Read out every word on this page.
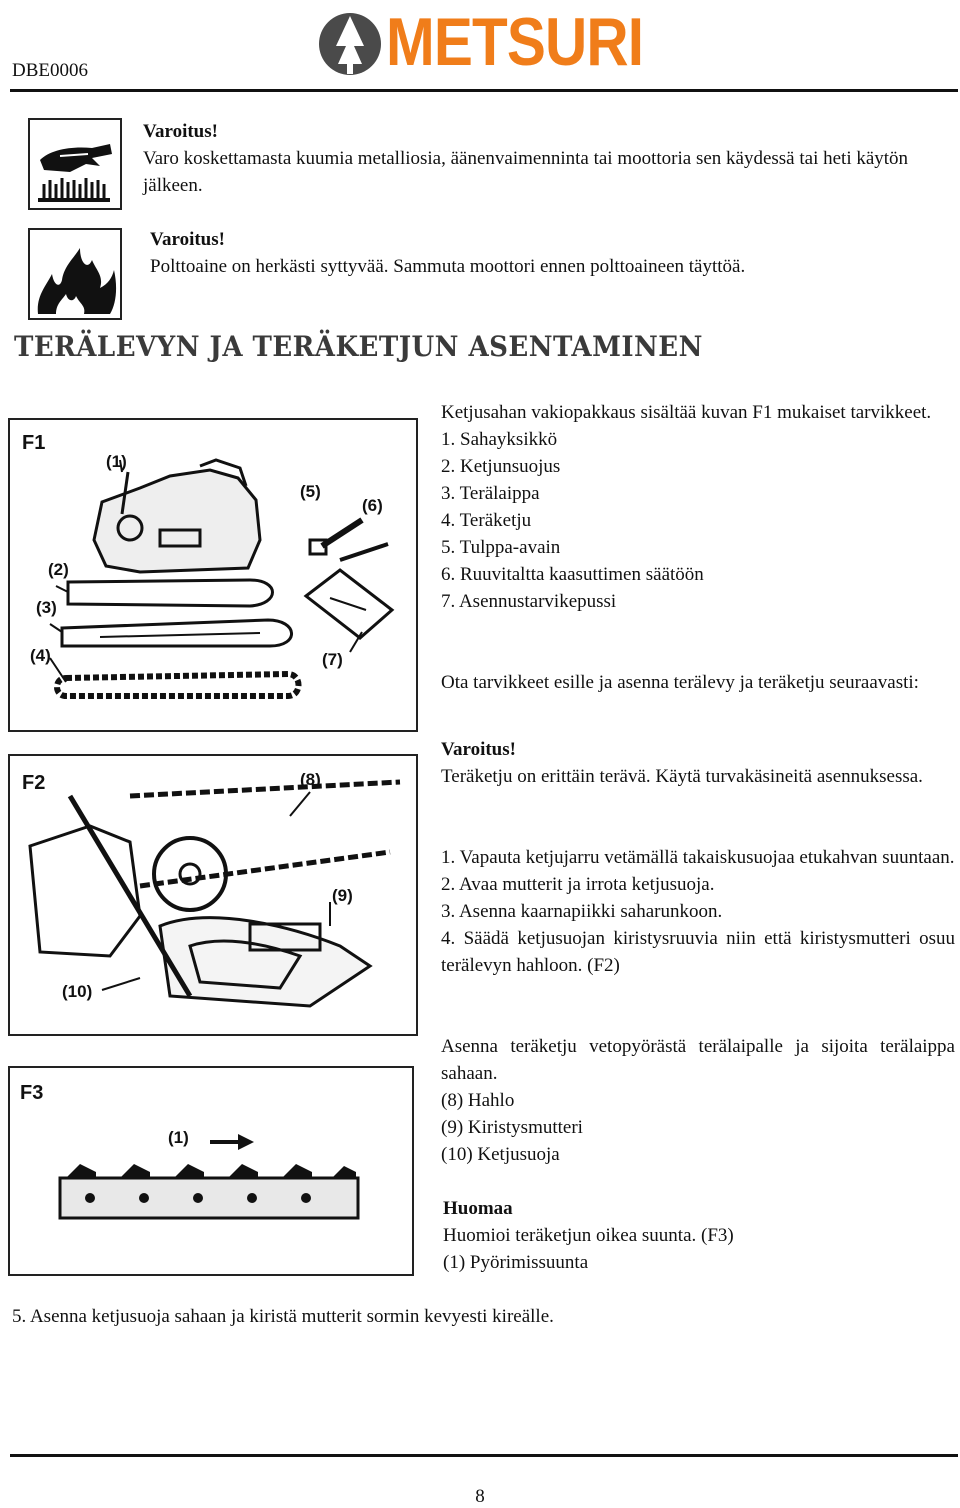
DBE0006	METSURI
Varoitus!
Varo koskettamasta kuumia metalliosia, äänenvaimenninta tai moottoria sen käydessä tai heti käytön jälkeen.
Varoitus!
Polttoaine on herkästi syttyvää. Sammuta moottori ennen polttoaineen täyttöä.
TERÄLEVYN JA TERÄKETJUN ASENTAMINEN
F1
(1)
(2)
(3)
(4)
(5)
(6)
(7)
F2	(8)
(9)
(10)
F3
(1)

Ketjusahan vakiopakkaus sisältää kuvan F1 mukaiset tarvikkeet.

1. Sahayksikkö

2. Ketjunsuojus

3. Terälaippa

4. Teräketju

5. Tulppa-avain

6. Ruuvitaltta kaasuttimen säätöön

7. Asennustarvikepussi

Ota tarvikkeet esille ja asenna terälevy ja teräketju seuraavasti:

Varoitus!

Teräketju on erittäin terävä. Käytä turvakäsineitä asennuksessa.

1. Vapauta ketjujarru vetämällä takaiskusuojaa etukahvan suuntaan.

2. Avaa mutterit ja irrota ketjusuoja.

3. Asenna kaarnapiikki saharunkoon.

4. Säädä ketjusuojan kiristysruuvia niin että kiristysmutteri osuu terälevyn hahloon. (F2)

Asenna teräketju vetopyörästä terälaipalle ja sijoita terälaippa sahaan.

(8) Hahlo

(9) Kiristysmutteri

(10) Ketjusuoja

Huomaa

Huomioi teräketjun oikea suunta. (F3)

(1) Pyörimissuunta

5. Asenna ketjusuoja sahaan ja kiristä mutterit sormin kevyesti kireälle.
8
